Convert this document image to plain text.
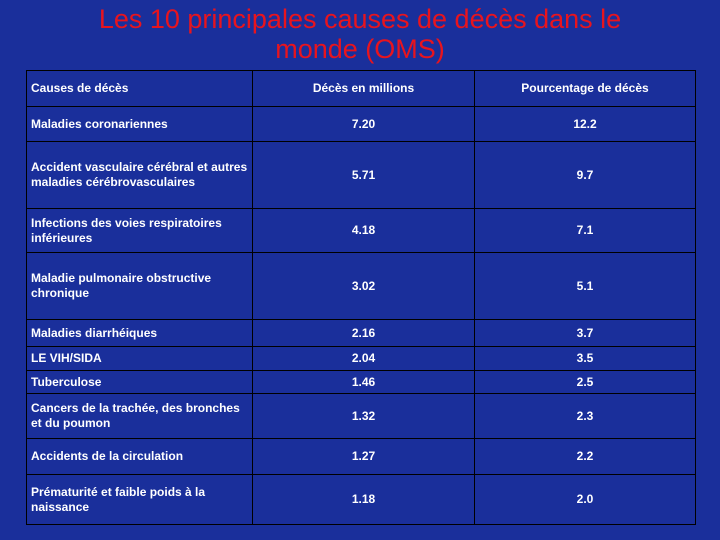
Les 10 principales causes de décès dans le
monde (OMS)
Causes de décès	Décès en millions	Pourcentage de décès
Maladies coronariennes	7.20	12.2
Accident vasculaire cérébral et autres maladies cérébrovasculaires	5.71	9.7
Infections des voies respiratoires inférieures	4.18	7.1
Maladie pulmonaire obstructive chronique	3.02	5.1
Maladies diarrhéiques	2.16	3.7
LE VIH/SIDA	2.04	3.5
Tuberculose	1.46	2.5
Cancers de la trachée, des bronches et du poumon	1.32	2.3
Accidents de la circulation	1.27	2.2
Prématurité et faible poids à la naissance	1.18	2.0
